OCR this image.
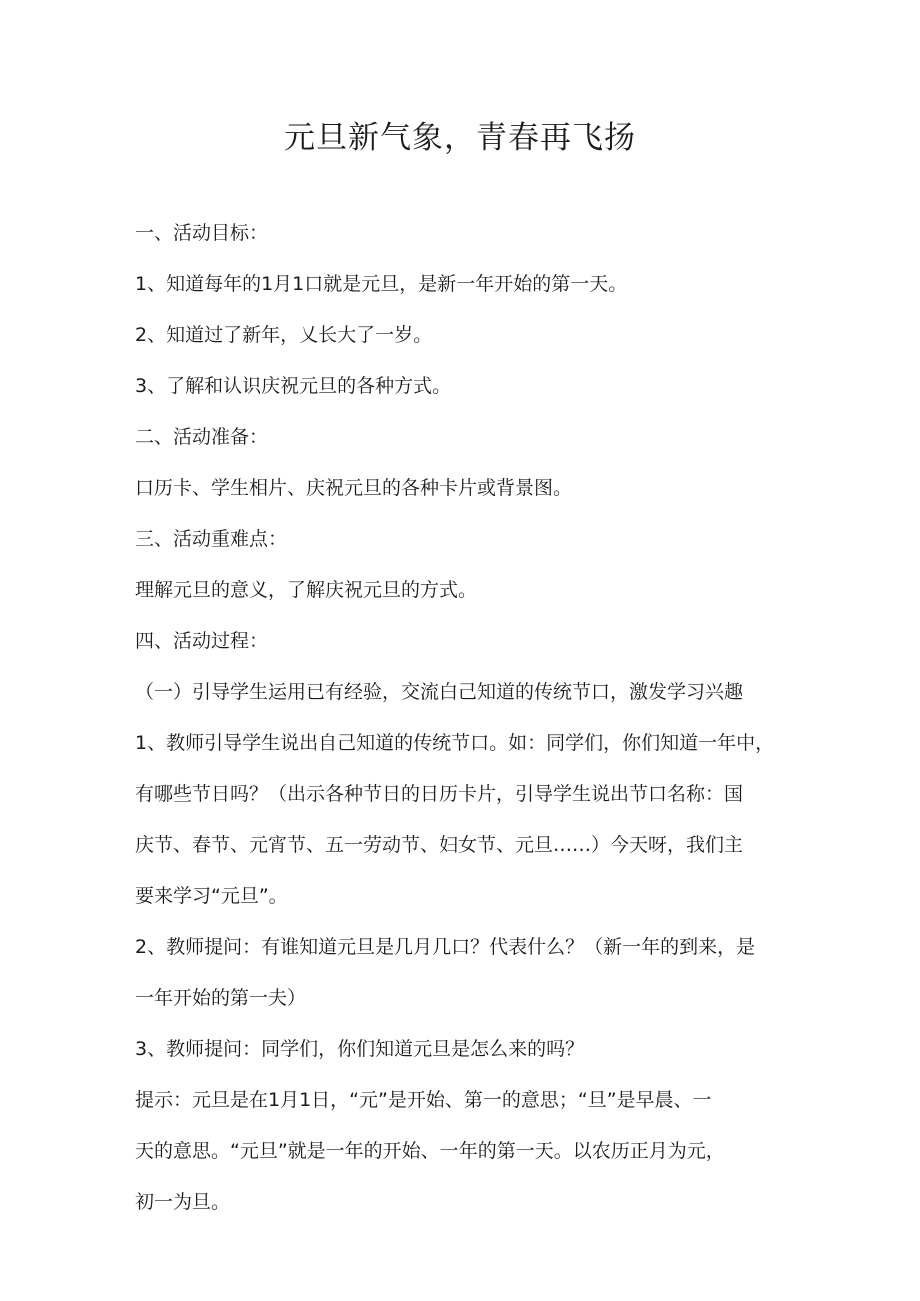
元旦新气象，青春再飞扬

一、活动目标：

1、知道每年的1月1口就是元旦，是新一年开始的第一天。

2、知道过了新年，乂长大了一岁。

3、了解和认识庆祝元旦的各种方式。

二、活动准备：

口历卡、学生相片、庆祝元旦的各种卡片或背景图。

三、活动重难点：

理解元旦的意义，了解庆祝元旦的方式。

四、活动过程：

（一）引导学生运用已有经验，交流白己知道的传统节口，激发学习兴趣

1、教师引导学生说出自己知道的传统节口。如：同学们，你们知道一年中，

有哪些节日吗？（出示各种节日的日历卡片，引导学生说出节口名称：国

庆节、春节、元宵节、五一劳动节、妇女节、元旦……）今天呀，我们主

要来学习“元旦”。

2、教师提问：有谁知道元旦是几月几口？代表什么？（新一年的到来，是

一年开始的第一夫）

3、教师提问：同学们，你们知道元旦是怎么来的吗？

提示：元旦是在1月1日，“元”是开始、第一的意思；“旦”是早晨、一

天的意思。“元旦”就是一年的开始、一年的第一天。以农历正月为元，

初一为旦。
